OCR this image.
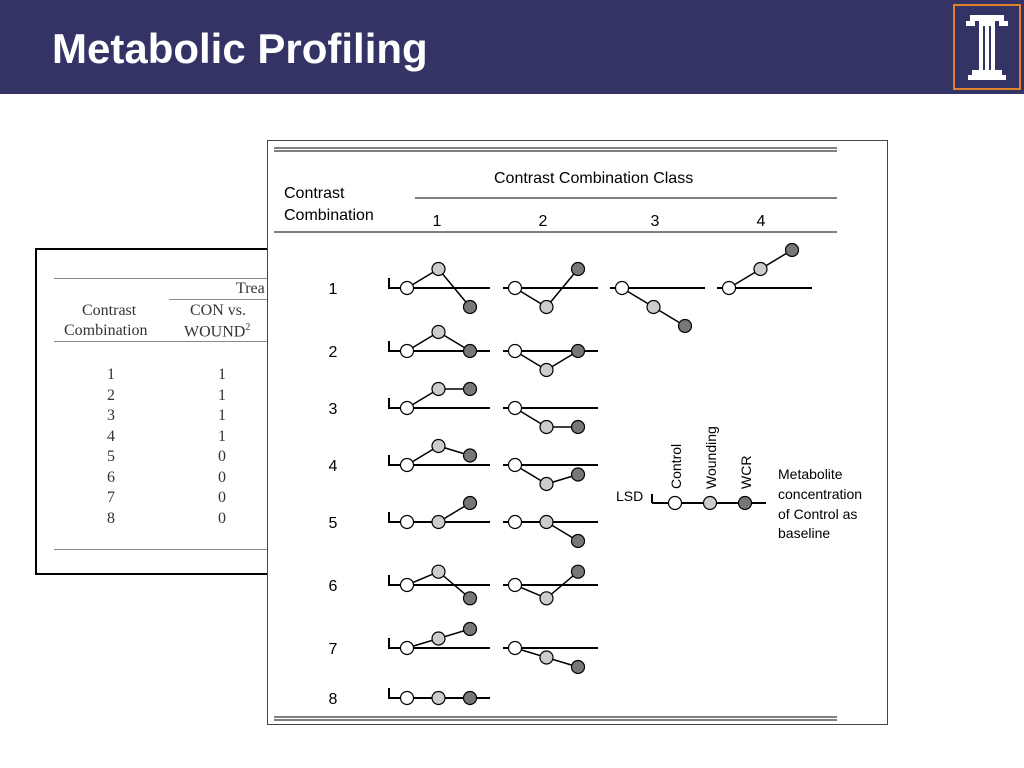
Metabolic Profiling
Trea
Contrast
Combination
CON vs.
WOUND$^2$
1	1
2	1
3	1
4	1
5	0
6	0
7	0
8	0
Contrast Combination Class
Contrast
Combination	1	2	3	4
1
2
3
4
5
6
7
8
LSD
Control Wounding WCR Metabolite
concentration
of Control as
baseline
